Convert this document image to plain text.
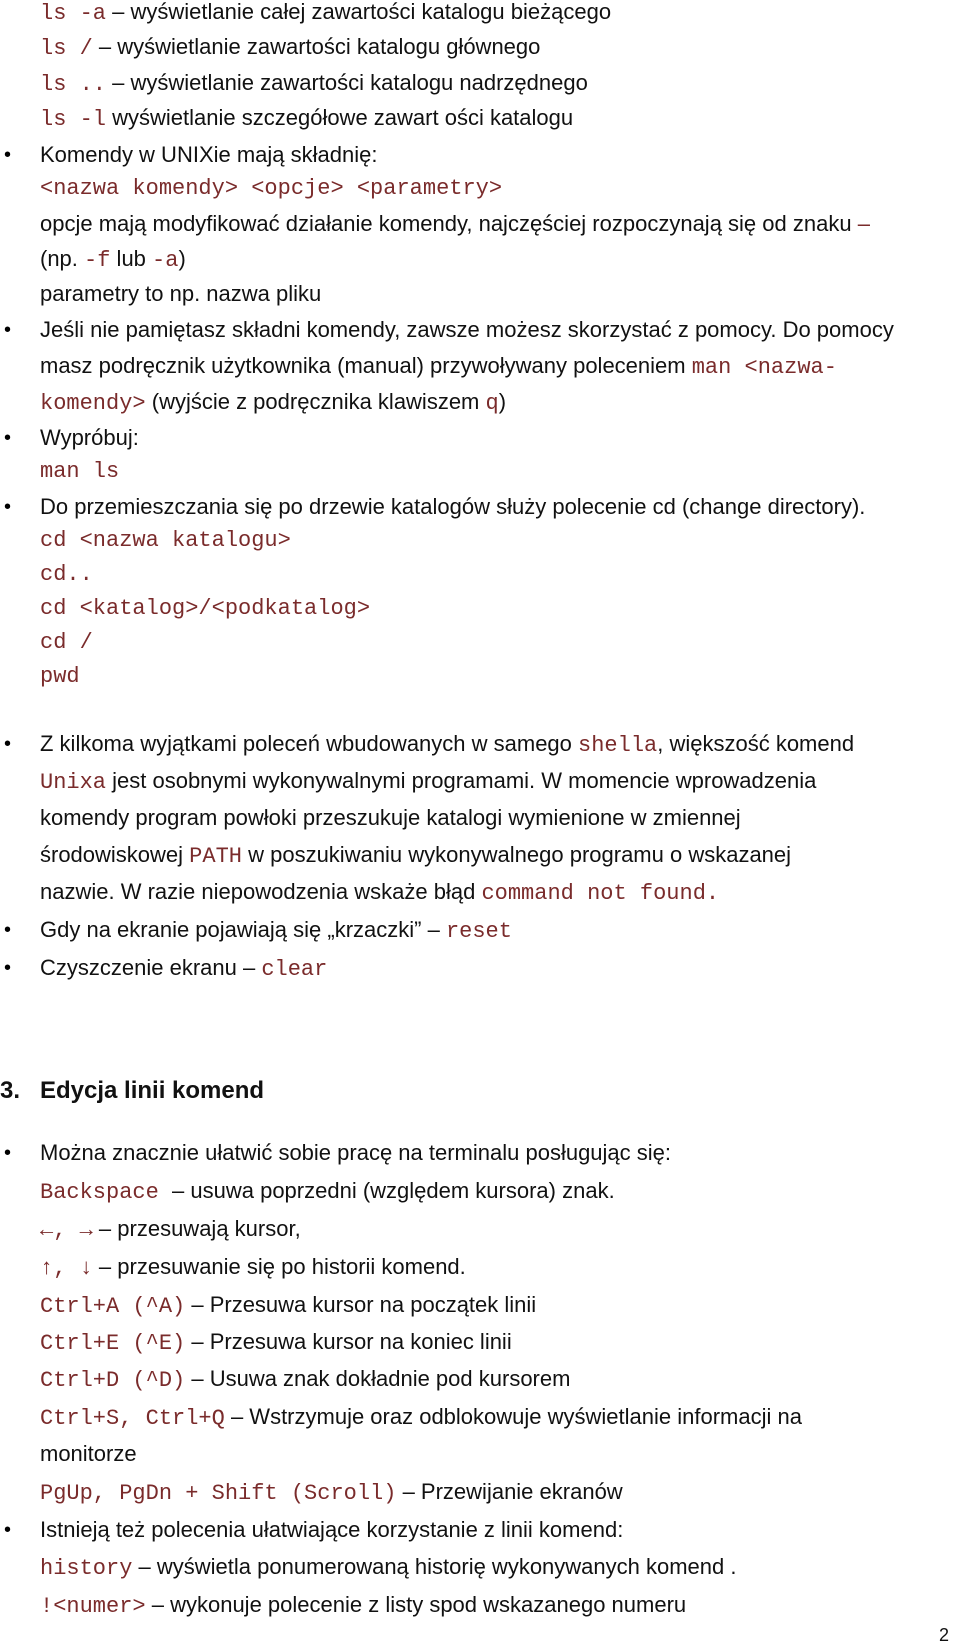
ls -a – wyświetlanie całej zawartości katalogu bieżącego
ls / – wyświetlanie zawartości katalogu głównego
ls .. – wyświetlanie zawartości katalogu nadrzędnego
ls -l wyświetlanie szczegółowe zawart ości katalogu
• Komendy w UNIXie mają składnię:
<nazwa komendy> <opcje> <parametry>
opcje mają modyfikować działanie komendy, najczęściej rozpoczynają się od znaku –
(np. -f lub -a)
parametry to np. nazwa pliku
• Jeśli nie pamiętasz składni komendy, zawsze możesz skorzystać z pomocy. Do pomocy
masz podręcznik użytkownika (manual) przywoływany poleceniem man <nazwa-
komendy> (wyjście z podręcznika klawiszem q)
• Wypróbuj:
man ls
• Do przemieszczania się po drzewie katalogów służy polecenie cd (change directory).
cd <nazwa katalogu>
cd..
cd <katalog>/<podkatalog>
cd /
pwd
• Z kilkoma wyjątkami poleceń wbudowanych w samego shella, większość komend
Unixa jest osobnymi wykonywalnymi programami. W momencie wprowadzenia
komendy program powłoki przeszukuje katalogi wymienione w zmiennej
środowiskowej PATH w poszukiwaniu wykonywalnego programu o wskazanej
nazwie. W razie niepowodzenia wskaże błąd command not found.
• Gdy na ekranie pojawiają się „krzaczki” – reset
• Czyszczenie ekranu – clear
3. Edycja linii komend
• Można znacznie ułatwić sobie pracę na terminalu posługując się:
Backspace – usuwa poprzedni (względem kursora) znak.
←, → – przesuwają kursor,
↑, ↓ – przesuwanie się po historii komend.
Ctrl+A (^A) – Przesuwa kursor na początek linii
Ctrl+E (^E) – Przesuwa kursor na koniec linii
Ctrl+D (^D) – Usuwa znak dokładnie pod kursorem
Ctrl+S, Ctrl+Q – Wstrzymuje oraz odblokowuje wyświetlanie informacji na
monitorze
PgUp, PgDn + Shift (Scroll) – Przewijanie ekranów
• Istnieją też polecenia ułatwiające korzystanie z linii komend:
history – wyświetla ponumerowaną historię wykonywanych komend .
!<numer> – wykonuje polecenie z listy spod wskazanego numeru
2
